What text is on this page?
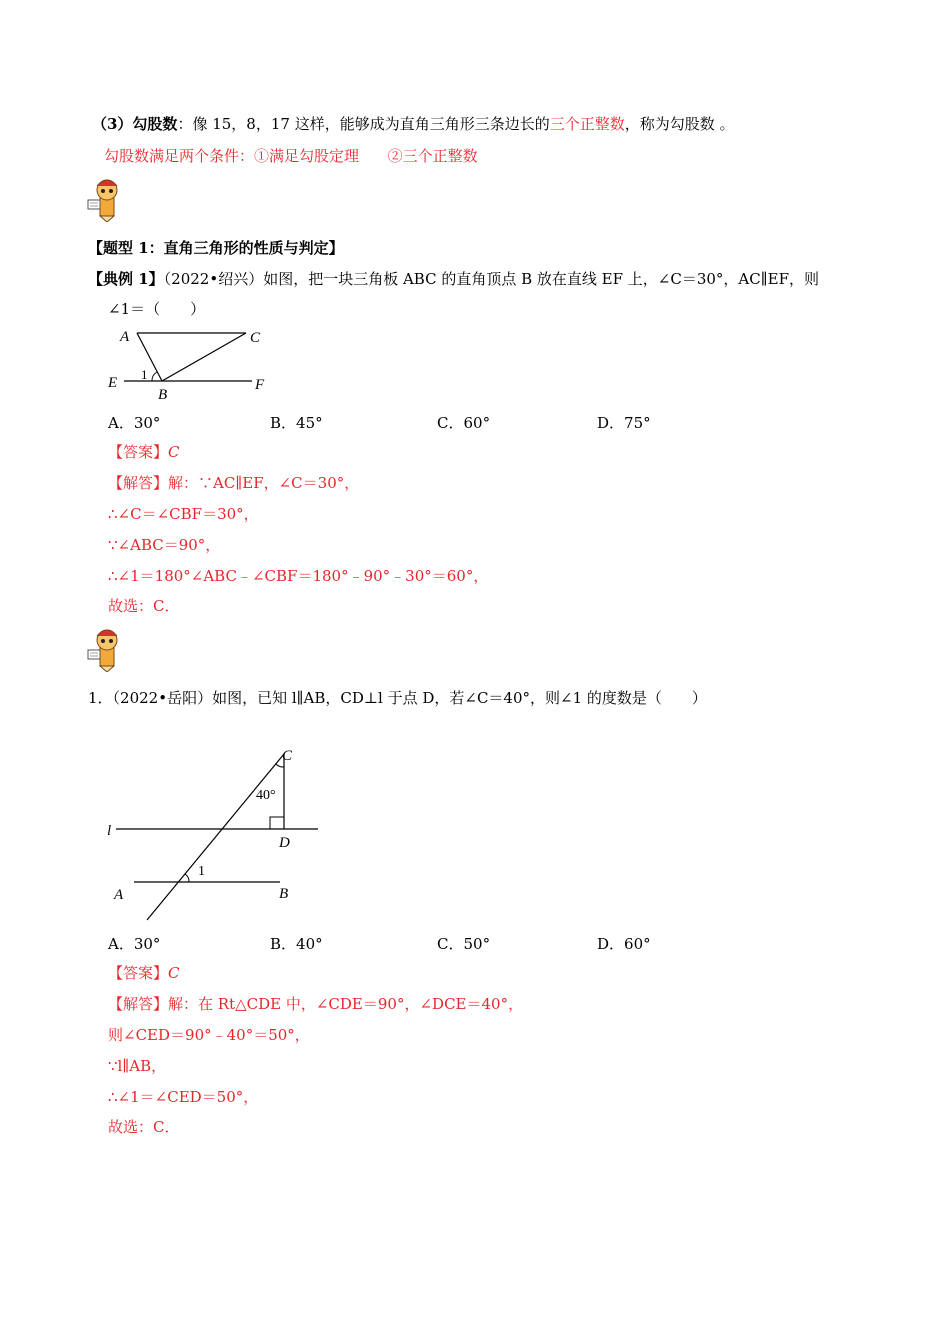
（3）勾股数：像 15，8，17 这样，能够成为直角三角形三条边长的三个正整数，称为勾股数 。
勾股数满足两个条件：①满足勾股定理      ②三个正整数
【题型 1：直角三角形的性质与判定】
【典例 1】（2022•绍兴）如图，把一块三角板 ABC 的直角顶点 B 放在直线 EF 上，∠C＝30°，AC∥EF，则
∠1＝（　　）
A	C
E	F
B
1
A．30°	B．45°	C．60°	D．75°
【答案】C
【解答】解：∵AC∥EF，∠C＝30°，
∴∠C＝∠CBF＝30°，
∵∠ABC＝90°，
∴∠1＝180°∠ABC﹣∠CBF＝180°﹣90°﹣30°＝60°，
故选：C．
1．（2022•岳阳）如图，已知 l∥AB，CD⊥l 于点 D，若∠C＝40°，则∠1 的度数是（　　）
C
40°
l
D
1
A	B
A．30°	B．40°	C．50°	D．60°
【答案】C
【解答】解：在 Rt△CDE 中，∠CDE＝90°，∠DCE＝40°，
则∠CED＝90°﹣40°＝50°，
∵l∥AB，
∴∠1＝∠CED＝50°，
故选：C．
